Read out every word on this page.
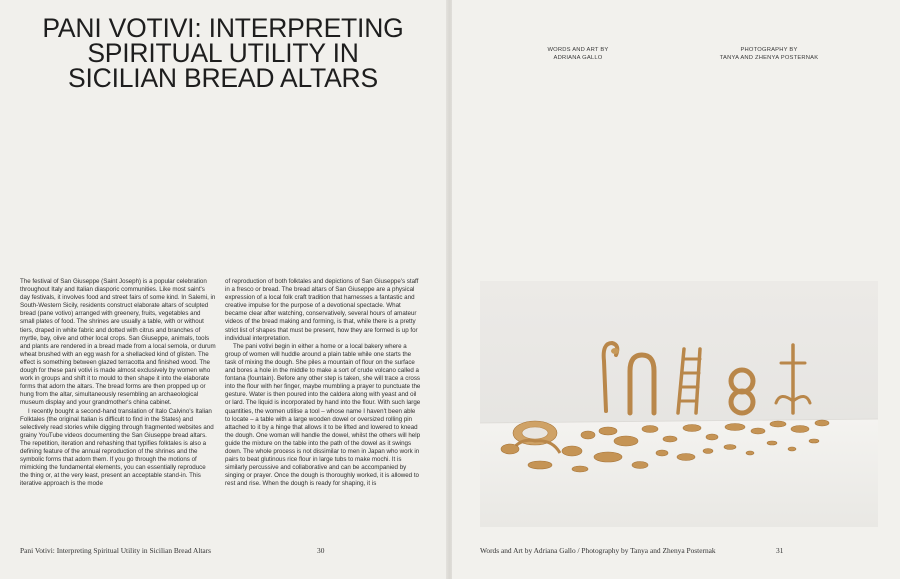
PANI VOTIVI: INTERPRETING SPIRITUAL UTILITY IN SICILIAN BREAD ALTARS

The festival of San Giuseppe (Saint Joseph) is a popular celebration throughout Italy and Italian diasporic communities. Like most saint's day festivals, it involves food and street fairs of some kind. In Salemi, in South-Western Sicily, residents construct elaborate altars of sculpted bread (pane votivo) arranged with greenery, fruits, vegetables and small plates of food. The shrines are usually a table, with or without tiers, draped in white fabric and dotted with citrus and branches of myrtle, bay, olive and other local crops. San Giuseppe, animals, tools and plants are rendered in a bread made from a local semola, or durum wheat brushed with an egg wash for a shellacked kind of glisten. The effect is something between glazed terracotta and finished wood. The dough for these pani votivi is made almost exclusively by women who work in groups and shift it to mould to then shape it into the elaborate forms that adorn the altars. The bread forms are then propped up or hung from the altar, simultaneously resembling an archaeological museum display and your grandmother's china cabinet.

I recently bought a second-hand translation of Italo Calvino's Italian Folktales (the original Italian is difficult to find in the States) and selectively read stories while digging through fragmented websites and grainy YouTube videos documenting the San Giuseppe bread altars. The repetition, iteration and rehashing that typifies folktales is also a defining feature of the annual reproduction of the shrines and the symbolic forms that adorn them. If you go through the motions of mimicking the fundamental elements, you can essentially reproduce the thing or, at the very least, present an acceptable stand-in. This iterative approach is the mode

of reproduction of both folktales and depictions of San Giuseppe's staff in a fresco or bread. The bread altars of San Giuseppe are a physical expression of a local folk craft tradition that harnesses a fantastic and creative impulse for the purpose of a devotional spectacle. What became clear after watching, conservatively, several hours of amateur videos of the bread making and forming, is that, while there is a pretty strict list of shapes that must be present, how they are formed is up for individual interpretation.

The pani votivi begin in either a home or a local bakery where a group of women will huddle around a plain table while one starts the task of mixing the dough. She piles a mountain of flour on the surface and bores a hole in the middle to make a sort of crude volcano called a fontana (fountain). Before any other step is taken, she will trace a cross into the flour with her finger, maybe mumbling a prayer to punctuate the gesture. Water is then poured into the caldera along with yeast and oil or lard. The liquid is incorporated by hand into the flour. With such large quantities, the women utilise a tool – whose name I haven't been able to locate – a table with a large wooden dowel or oversized rolling pin attached to it by a hinge that allows it to be lifted and lowered to knead the dough. One woman will handle the dowel, whilst the others will help guide the mixture on the table into the path of the dowel as it swings down. The whole process is not dissimilar to men in Japan who work in pairs to beat glutinous rice flour in large tubs to make mochi. It is similarly percussive and collaborative and can be accompanied by singing or prayer. Once the dough is thoroughly worked, it is allowed to rest and rise. When the dough is ready for shaping, it is

Pani Votivi: Interpreting Spiritual Utility in Sicilian Bread Altars	30
WORDS AND ART BY
ADRIANA GALLO
PHOTOGRAPHY BY
TANYA AND ZHENYA POSTERNAK
Words and Art by Adriana Gallo / Photography by Tanya and Zhenya Posternak	31
